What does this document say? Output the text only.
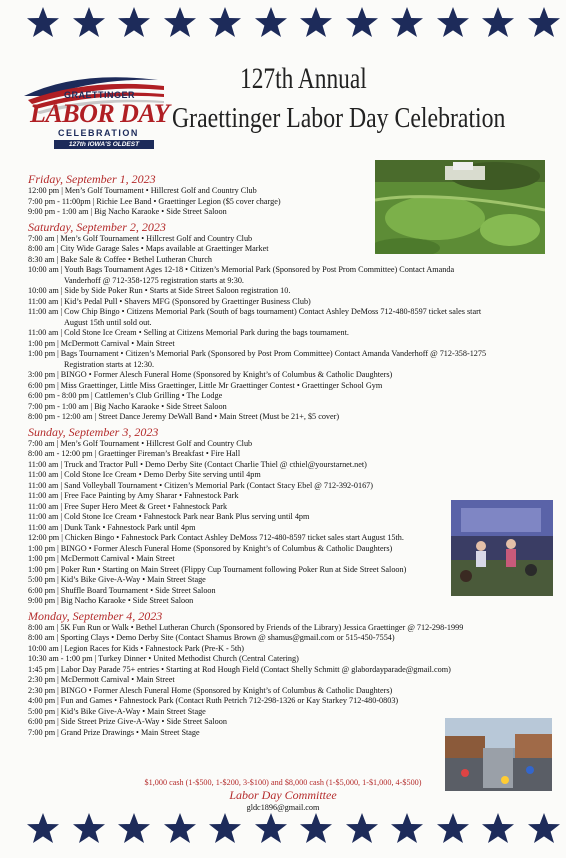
GRAETTINGER
LABOR DAY
CELEBRATION
127th IOWA'S OLDEST
127th Annual
Graettinger Labor Day Celebration
Friday, September 1, 2023
12:00 pm | Men’s Golf Tournament • Hillcrest Golf and Country Club
7:00 pm - 11:00pm | Richie Lee Band • Graettinger Legion ($5 cover charge)
9:00 pm - 1:00 am | Big Nacho Karaoke • Side Street Saloon
Saturday, September 2, 2023
7:00 am | Men’s Golf Tournament • Hillcrest Golf and Country Club
8:00 am | City Wide Garage Sales • Maps available at Graettinger Market
8:30 am | Bake Sale & Coffee • Bethel Lutheran Church
10:00 am | Youth Bags Tournament Ages 12-18 • Citizen’s Memorial Park (Sponsored by Post Prom Committee) Contact Amanda
Vanderhoff @ 712-358-1275 registration starts at 9:30.
10:00 am | Side by Side Poker Run • Starts at Side Street Saloon registration 10.
11:00 am | Kid’s Pedal Pull • Shavers MFG (Sponsored by Graettinger Business Club)
11:00 am | Cow Chip Bingo • Citizens Memorial Park (South of bags tournament) Contact Ashley DeMoss 712-480-8597 ticket sales start
August 15th until sold out.
11:00 am | Cold Stone Ice Cream • Selling at Citizens Memorial Park during the bags tournament.
1:00 pm | McDermott Carnival • Main Street
1:00 pm | Bags Tournament • Citizen’s Memorial Park (Sponsored by Post Prom Committee) Contact Amanda Vanderhoff @ 712-358-1275
Registration starts at 12:30.
3:00 pm | BINGO • Former Alesch Funeral Home (Sponsored by Knight’s of Columbus & Catholic Daughters)
6:00 pm | Miss Graettinger, Little Miss Graettinger, Little Mr Graettinger Contest • Graettinger School Gym
6:00 pm - 8:00 pm | Cattlemen’s Club Grilling • The Lodge
7:00 pm - 1:00 am | Big Nacho Karaoke • Side Street Saloon
8:00 pm - 12:00 am | Street Dance Jeremy DeWall Band • Main Street (Must be 21+, $5 cover)
Sunday, September 3, 2023
7:00 am | Men’s Golf Tournament • Hillcrest Golf and Country Club
8:00 am - 12:00 pm | Graettinger Fireman’s Breakfast • Fire Hall
11:00 am | Truck and Tractor Pull • Demo Derby Site (Contact Charlie Thiel @ cthiel@yourstarnet.net)
11:00 am | Cold Stone Ice Cream • Demo Derby Site serving until 4pm
11:00 am | Sand Volleyball Tournament • Citizen’s Memorial Park (Contact Stacy Ebel @ 712-392-0167)
11:00 am | Free Face Painting by Amy Sharar • Fahnestock Park
11:00 am | Free Super Hero Meet & Greet • Fahnestock Park
11:00 am | Cold Stone Ice Cream • Fahnestock Park near Bank Plus serving until 4pm
11:00 am | Dunk Tank • Fahnestock Park until 4pm
12:00 pm | Chicken Bingo • Fahnestock Park Contact Ashley DeMoss 712-480-8597 ticket sales start August 15th.
1:00 pm | BINGO • Former Alesch Funeral Home (Sponsored by Knight’s of Columbus & Catholic Daughters)
1:00 pm | McDermott Carnival • Main Street
1:00 pm | Poker Run • Starting on Main Street (Flippy Cup Tournament following Poker Run at Side Street Saloon)
5:00 pm | Kid’s Bike Give-A-Way • Main Street Stage
6:00 pm | Shuffle Board Tournament • Side Street Saloon
9:00 pm | Big Nacho Karaoke • Side Street Saloon
Monday, September 4, 2023
8:00 am | 5K Fun Run or Walk • Bethel Lutheran Church (Sponsored by Friends of the Library) Jessica Graettinger @ 712-298-1999
8:00 am | Sporting Clays • Demo Derby Site (Contact Shamus Brown @ shamus@gmail.com or 515-450-7554)
10:00 am | Legion Races for Kids • Fahnestock Park (Pre-K - 5th)
10:30 am - 1:00 pm | Turkey Dinner • United Methodist Church (Central Catering)
1:45 pm | Labor Day Parade 75+ entries • Starting at Rod Hough Field (Contact Shelly Schmitt @ glabordayparade@gmail.com)
2:30 pm | McDermott Carnival • Main Street
2:30 pm | BINGO • Former Alesch Funeral Home (Sponsored by Knight’s of Columbus & Catholic Daughters)
4:00 pm | Fun and Games • Fahnestock Park (Contact Ruth Petrich 712-298-1326 or Kay Starkey 712-480-0803)
5:00 pm | Kid’s Bike Give-A-Way • Main Street Stage
6:00 pm | Side Street Prize Give-A-Way • Side Street Saloon
7:00 pm | Grand Prize Drawings • Main Street Stage
$1,000 cash (1-$500, 1-$200, 3-$100) and $8,000 cash (1-$5,000, 1-$1,000, 4-$500)
Labor Day Committee
gldc1896@gmail.com
